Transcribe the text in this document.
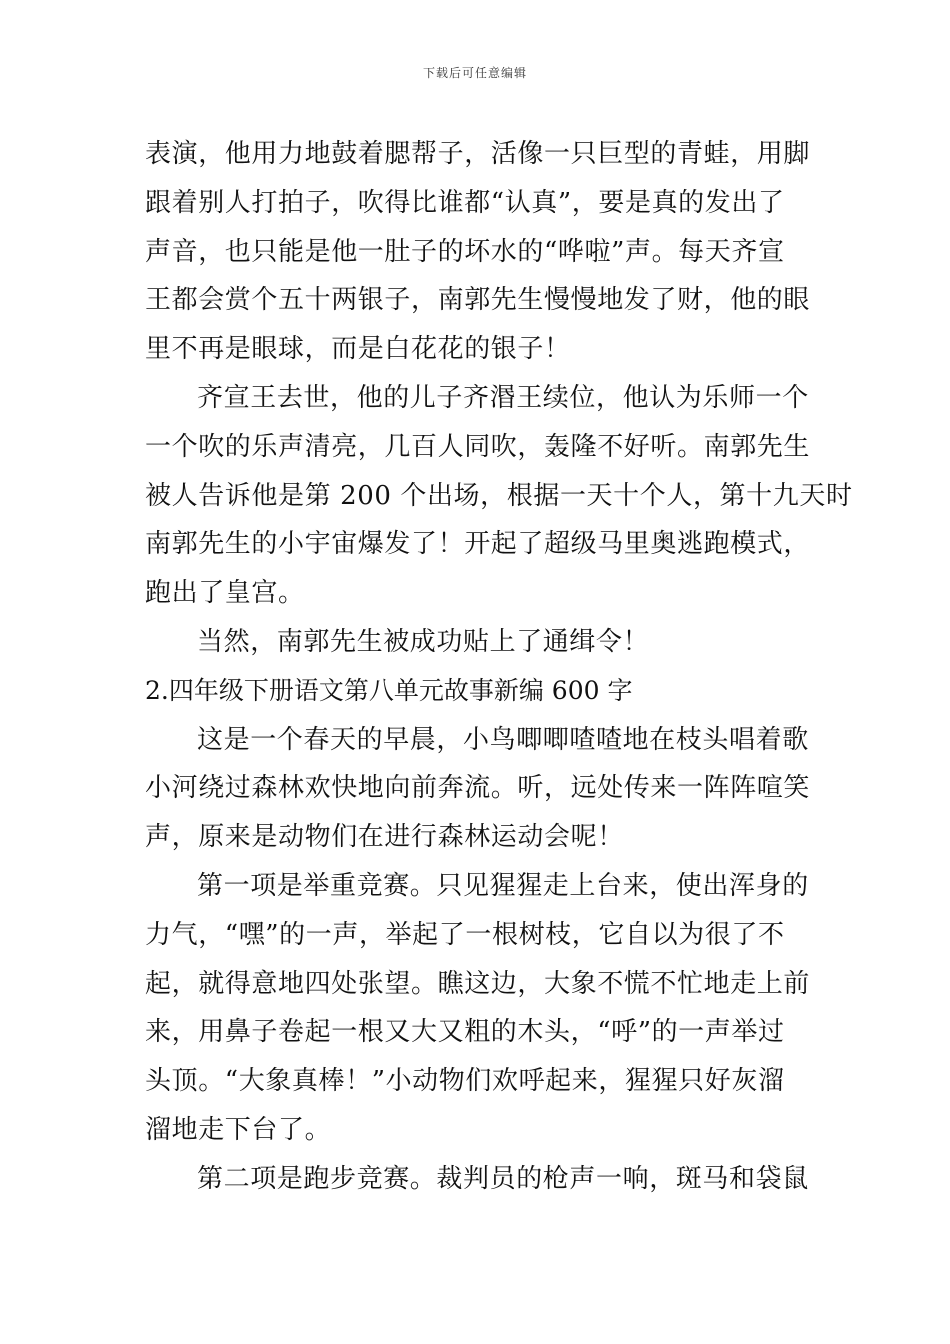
下载后可任意编辑
表演，他用力地鼓着腮帮子，活像一只巨型的青蛙，用脚
跟着别人打拍子，吹得比谁都“认真”，要是真的发出了
声音，也只能是他一肚子的坏水的“哗啦”声。每天齐宣
王都会赏个五十两银子，南郭先生慢慢地发了财，他的眼
里不再是眼球，而是白花花的银子！
齐宣王去世，他的儿子齐湣王续位，他认为乐师一个
一个吹的乐声清亮，几百人同吹，轰隆不好听。南郭先生
被人告诉他是第 200 个出场，根据一天十个人，第十九天时
南郭先生的小宇宙爆发了！开起了超级马里奥逃跑模式，
跑出了皇宫。
当然，南郭先生被成功贴上了通缉令！
2.四年级下册语文第八单元故事新编 600 字
这是一个春天的早晨，小鸟唧唧喳喳地在枝头唱着歌
小河绕过森林欢快地向前奔流。听，远处传来一阵阵喧笑
声，原来是动物们在进行森林运动会呢！
第一项是举重竞赛。只见猩猩走上台来，使出浑身的
力气，“嘿”的一声，举起了一根树枝，它自以为很了不
起，就得意地四处张望。瞧这边，大象不慌不忙地走上前
来，用鼻子卷起一根又大又粗的木头，“呼”的一声举过
头顶。“大象真棒！”小动物们欢呼起来，猩猩只好灰溜
溜地走下台了。
第二项是跑步竞赛。裁判员的枪声一响，斑马和袋鼠
